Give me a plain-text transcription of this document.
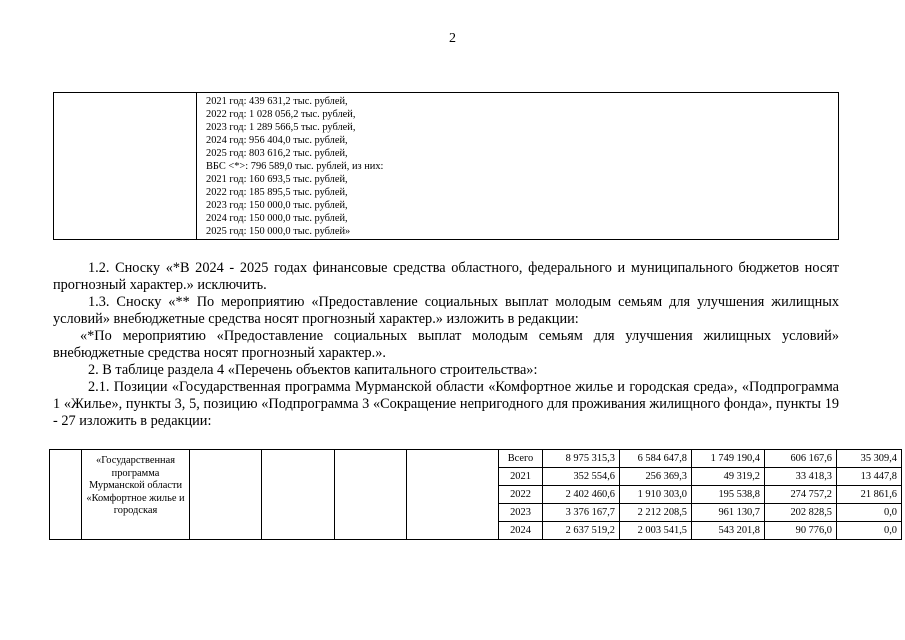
2
2021 год: 439 631,2 тыс. рублей,
2022 год: 1 028 056,2 тыс. рублей,
2023 год: 1 289 566,5 тыс. рублей,
2024 год: 956 404,0 тыс. рублей,
2025 год: 803 616,2 тыс. рублей,
ВБС <*>: 796 589,0 тыс. рублей, из них:
2021 год: 160 693,5 тыс. рублей,
2022 год: 185 895,5 тыс. рублей,
2023 год: 150 000,0 тыс. рублей,
2024 год: 150 000,0 тыс. рублей,
2025 год: 150 000,0 тыс. рублей»
1.2. Сноску «*В 2024 - 2025 годах финансовые средства областного, федерального и муниципального бюджетов носят прогнозный характер.» исключить.
1.3. Сноску «** По мероприятию «Предоставление социальных выплат молодым семьям для улучшения жилищных условий» внебюджетные средства носят прогнозный характер.» изложить в редакции:
«*По мероприятию «Предоставление социальных выплат молодым семьям для улучшения жилищных условий» внебюджетные средства носят прогнозный характер.».
2. В таблице раздела 4 «Перечень объектов капитального строительства»:
2.1. Позиции «Государственная программа Мурманской области «Комфортное жилье и городская среда», «Подпрограмма 1 «Жилье», пункты 3, 5, позицию «Подпрограмма 3 «Сокращение непригодного для проживания жилищного фонда», пункты 19 - 27 изложить в редакции:
	«Государственная программа Мурманской области «Комфортное жилье и городская					Всего	8 975 315,3	6 584 647,8	1 749 190,4	606 167,6	35 309,4
						2021	352 554,6	256 369,3	49 319,2	33 418,3	13 447,8
						2022	2 402 460,6	1 910 303,0	195 538,8	274 757,2	21 861,6
						2023	3 376 167,7	2 212 208,5	961 130,7	202 828,5	0,0
						2024	2 637 519,2	2 003 541,5	543 201,8	90 776,0	0,0
